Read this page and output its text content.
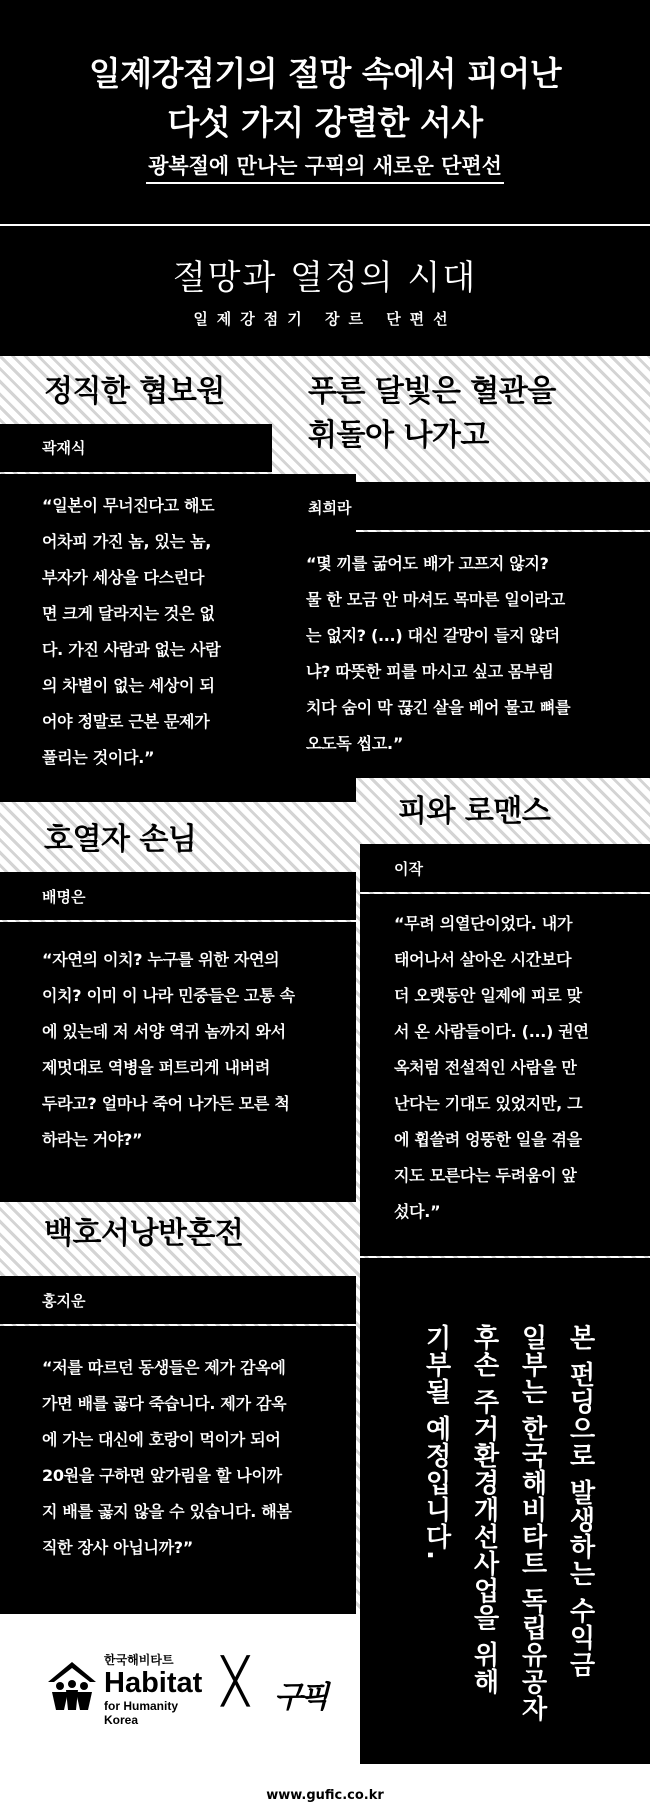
일제강점기의 절망 속에서 피어난
다섯 가지 강렬한 서사
광복절에 만나는 구픽의 새로운 단편선
절망과 열정의 시대
일제강점기 장르 단편선
정직한 협보원
곽재식
“일본이 무너진다고 해도
어차피 가진 놈, 있는 놈,
부자가 세상을 다스린다
면 크게 달라지는 것은 없
다. 가진 사람과 없는 사람
의 차별이 없는 세상이 되
어야 정말로 근본 문제가
풀리는 것이다.”
푸른 달빛은 혈관을
휘돌아 나가고
최희라
“몇 끼를 굶어도 배가 고프지 않지?
물 한 모금 안 마셔도 목마른 일이라고
는 없지? (...) 대신 갈망이 들지 않더
냐? 따뜻한 피를 마시고 싶고 몸부림
치다 숨이 막 끊긴 살을 베어 물고 뼈를
오도독 씹고.”
호열자 손님
배명은
“자연의 이치? 누구를 위한 자연의
이치? 이미 이 나라 민중들은 고통 속
에 있는데 저 서양 역귀 놈까지 와서
제멋대로 역병을 퍼트리게 내버려
두라고? 얼마나 죽어 나가든 모른 척
하라는 거야?”
피와 로맨스
이작
“무려 의열단이었다. 내가
태어나서 살아온 시간보다
더 오랫동안 일제에 피로 맞
서 온 사람들이다. (...) 권연
옥처럼 전설적인 사람을 만
난다는 기대도 있었지만, 그
에 휩쓸려 엉뚱한 일을 겪을
지도 모른다는 두려움이 앞
섰다.”
백호서낭반혼전
홍지운
“저를 따르던 동생들은 제가 감옥에
가면 배를 곯다 죽습니다. 제가 감옥
에 가는 대신에 호랑이 먹이가 되어
20원을 구하면 앞가림을 할 나이까
지 배를 곯지 않을 수 있습니다. 해봄
직한 장사 아닙니까?”
본 펀딩으로 발생하는 수익금
일부는 한국해비타트 독립유공자
후손 주거환경개선사업을 위해
기부될 예정입니다.
한국해비타트
Habitat
for Humanity
Korea
╳ 구픽
www.gufic.co.kr
